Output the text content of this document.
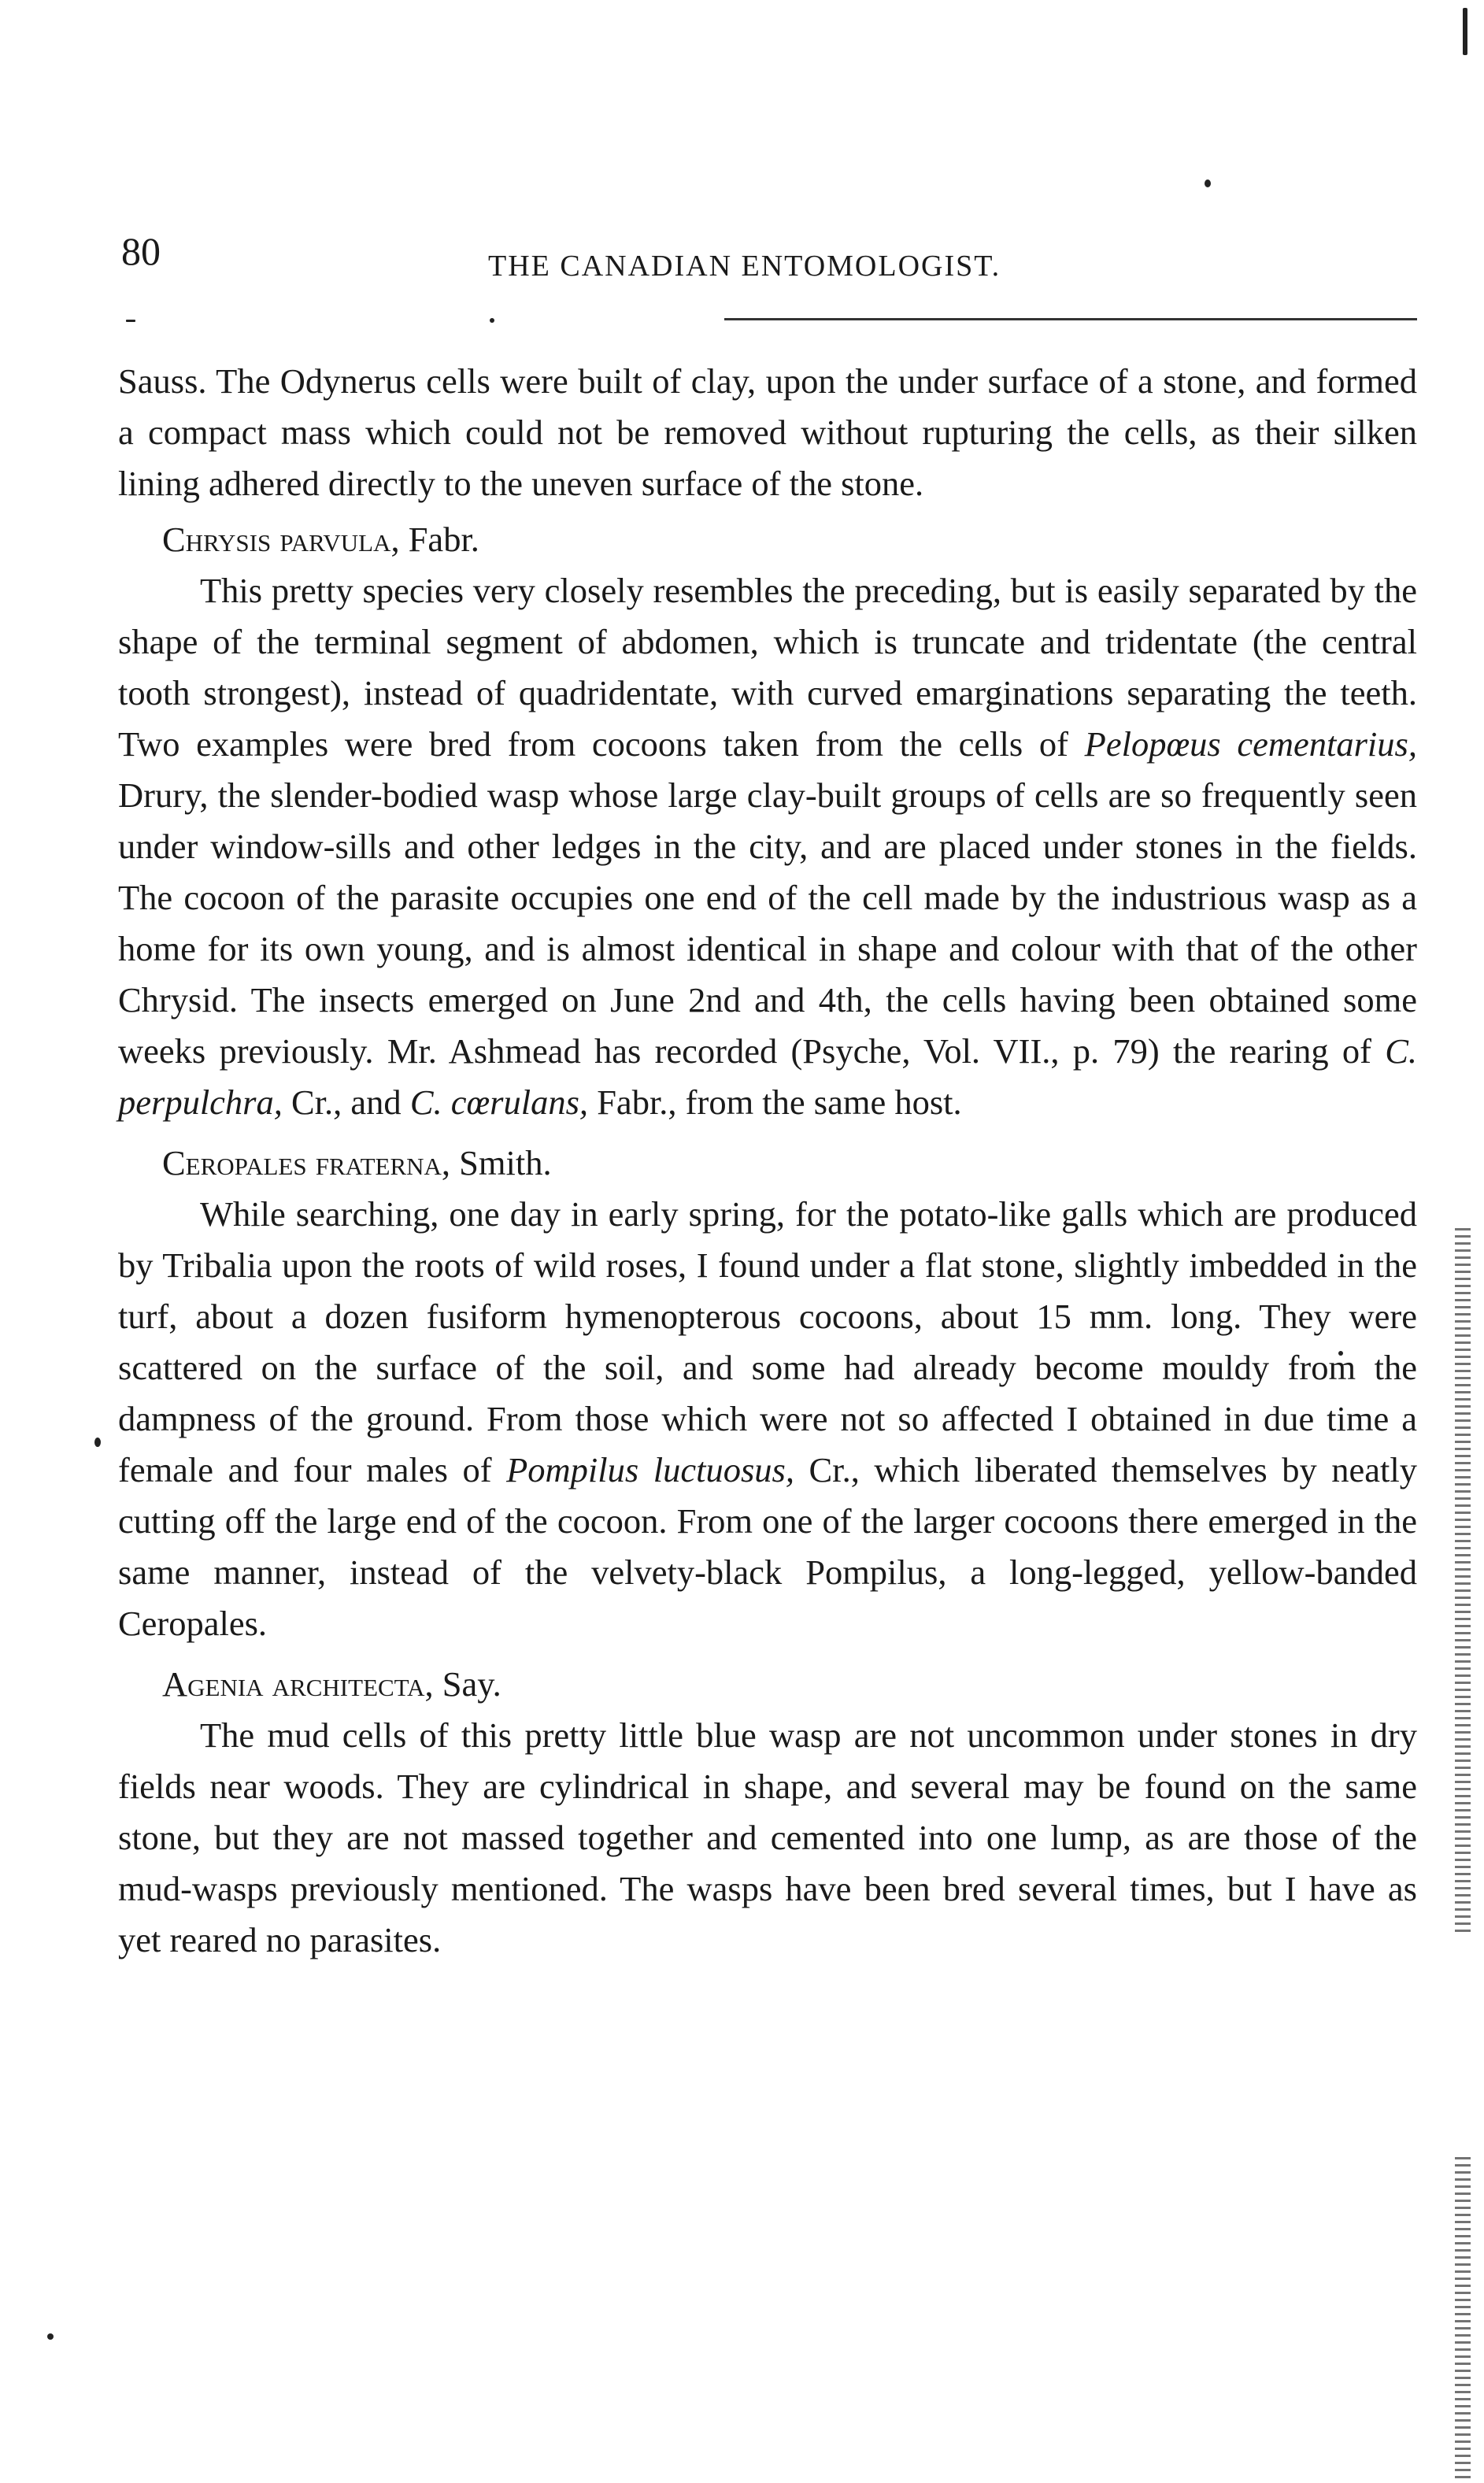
80	THE CANADIAN ENTOMOLOGIST.

Sauss. The Odynerus cells were built of clay, upon the under surface of a stone, and formed a compact mass which could not be removed without rupturing the cells, as their silken lining adhered directly to the uneven surface of the stone.

Chrysis parvula, Fabr.

This pretty species very closely resembles the preceding, but is easily separated by the shape of the terminal segment of abdomen, which is truncate and tridentate (the central tooth strongest), instead of quadridentate, with curved emarginations separating the teeth. Two examples were bred from cocoons taken from the cells of Pelopœus cementarius, Drury, the slender-bodied wasp whose large clay-built groups of cells are so frequently seen under window-sills and other ledges in the city, and are placed under stones in the fields. The cocoon of the parasite occupies one end of the cell made by the industrious wasp as a home for its own young, and is almost identical in shape and colour with that of the other Chrysid. The insects emerged on June 2nd and 4th, the cells having been obtained some weeks previously. Mr. Ashmead has recorded (Psyche, Vol. VII., p. 79) the rearing of C. perpulchra, Cr., and C. cœrulans, Fabr., from the same host.

Ceropales fraterna, Smith.

While searching, one day in early spring, for the potato-like galls which are produced by Tribalia upon the roots of wild roses, I found under a flat stone, slightly imbedded in the turf, about a dozen fusiform hymenopterous cocoons, about 15 mm. long. They were scattered on the surface of the soil, and some had already become mouldy from the dampness of the ground. From those which were not so affected I obtained in due time a female and four males of Pompilus luctuosus, Cr., which liberated themselves by neatly cutting off the large end of the cocoon. From one of the larger cocoons there emerged in the same manner, instead of the velvety-black Pompilus, a long-legged, yellow-banded Ceropales.

Agenia architecta, Say.

The mud cells of this pretty little blue wasp are not uncommon under stones in dry fields near woods. They are cylindrical in shape, and several may be found on the same stone, but they are not massed together and cemented into one lump, as are those of the mud-wasps previously mentioned. The wasps have been bred several times, but I have as yet reared no parasites.
